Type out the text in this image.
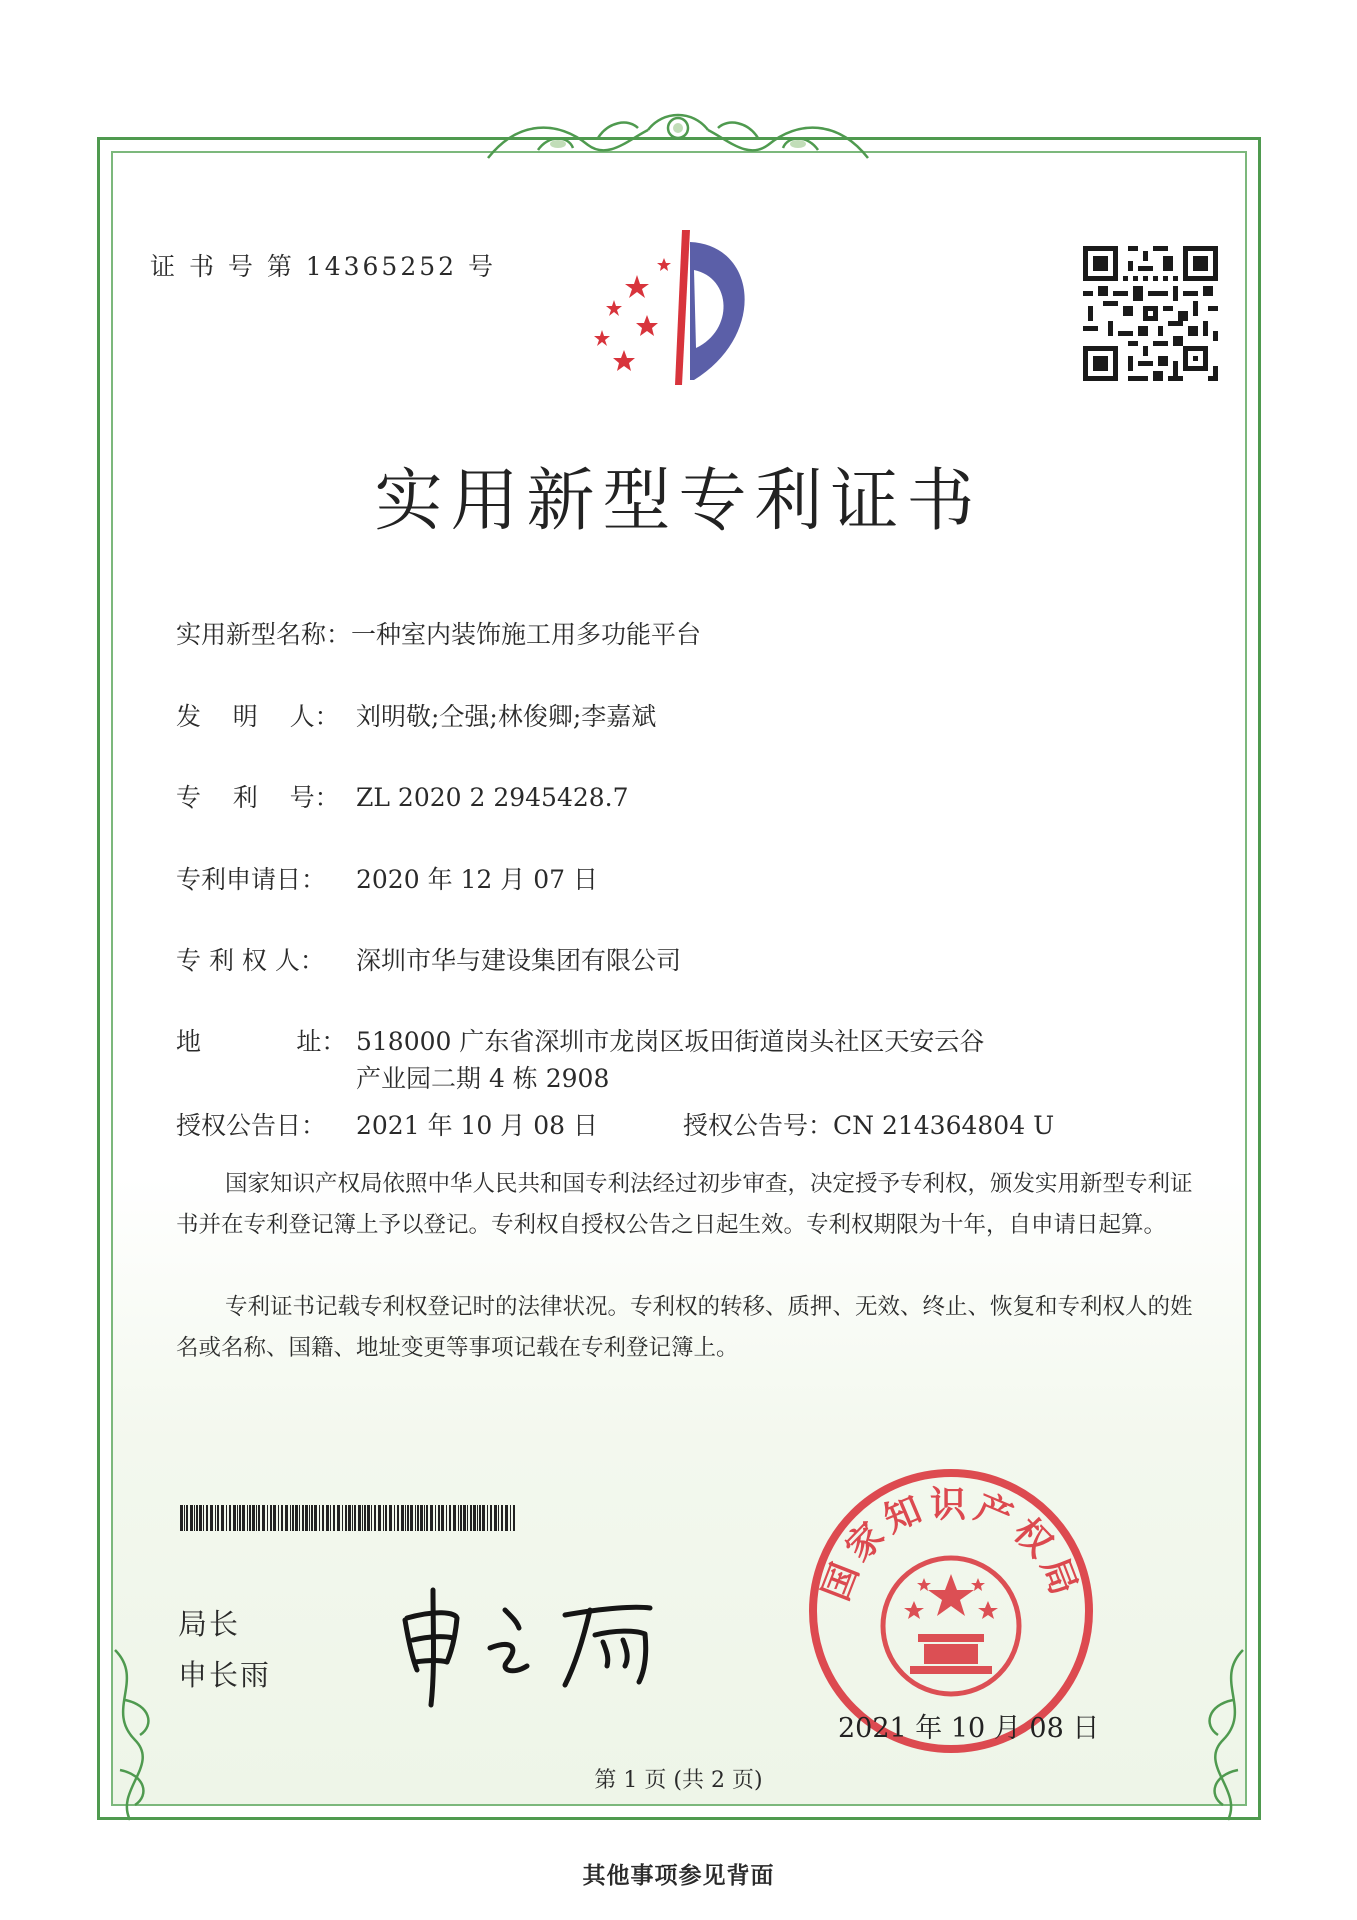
证 书 号 第 14365252 号
实用新型专利证书
实用新型名称：一种室内装饰施工用多功能平台
发    明    人： 刘明敬;仝强;林俊卿;李嘉斌
专    利    号： ZL 2020 2 2945428.7
专利申请日： 2020 年 12 月 07 日
专 利 权 人： 深圳市华与建设集团有限公司
地            址： 518000 广东省深圳市龙岗区坂田街道岗头社区天安云谷
产业园二期 4 栋 2908
授权公告日： 2021 年 10 月 08 日	授权公告号：CN 214364804 U
国家知识产权局依照中华人民共和国专利法经过初步审查，决定授予专利权，颁发实用新型专利证书并在专利登记簿上予以登记。专利权自授权公告之日起生效。专利权期限为十年，自申请日起算。
专利证书记载专利权登记时的法律状况。专利权的转移、质押、无效、终止、恢复和专利权人的姓名或名称、国籍、地址变更等事项记载在专利登记簿上。
局长
申长雨
国家知识产权局
2021 年 10 月 08 日
第 1 页 (共 2 页)
其他事项参见背面
